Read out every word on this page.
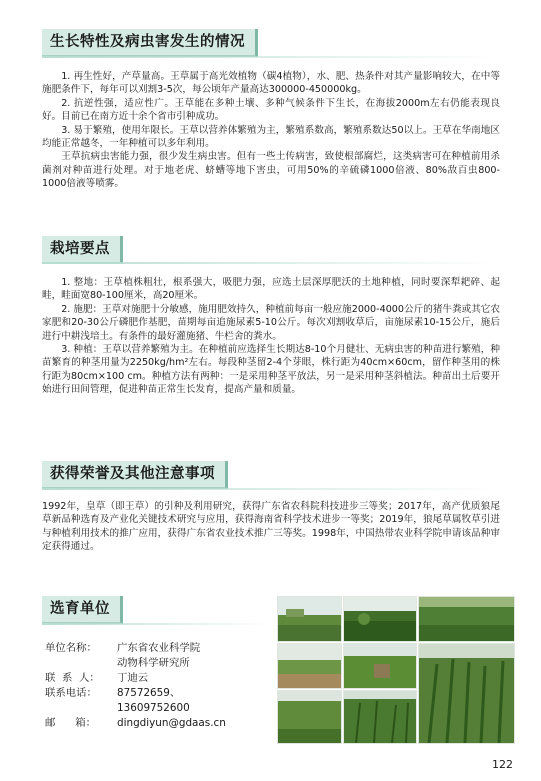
生长特性及病虫害发生的情况

1. 再生性好，产草量高。王草属于高光效植物（碳4植物），水、肥、热条件对其产量影响较大，在中等施肥条件下，每年可以刈割3-5次，每公顷年产量高达300000-450000kg。

2. 抗逆性强，适应性广。王草能在多种土壤、多种气候条件下生长，在海拔2000m左右仍能表现良好。目前已在南方近十余个省市引种成功。

3. 易于繁殖，使用年限长。王草以营养体繁殖为主，繁殖系数高，繁殖系数达50以上。王草在华南地区均能正常越冬，一年种植可以多年利用。

王草抗病虫害能力强，很少发生病虫害。但有一些土传病害，致使根部腐烂，这类病害可在种植前用杀菌剂对种苗进行处理。对于地老虎、蛴螬等地下害虫，可用50%的辛硫磷1000倍液、80%敌百虫800-1000倍液等喷雾。

栽培要点

1. 整地：王草植株粗壮，根系强大，吸肥力强，应选土层深厚肥沃的土地种植，同时要深犁耙碎、起畦，畦面宽80-100厘米，高20厘米。

2. 施肥：王草对施肥十分敏感，施用肥效持久，种植前每亩一般应施2000-4000公斤的猪牛粪或其它农家肥和20-30公斤磷肥作基肥，苗期每亩追施尿素5-10公斤。每次刈割收草后，亩施尿素10-15公斤，施后进行中耕浅培土。有条件的最好灌施猪、牛栏舍的粪水。

3. 种植：王草以营养繁殖为主。在种植前应选择生长期达8-10个月健壮、无病虫害的种苗进行繁殖，种苗繁育的种茎用量为2250kg/hm²左右。每段种茎留2-4个芽眼，株行距为40cm×60cm，留作种茎用的株行距为80cm×100 cm。种植方法有两种：一是采用种茎平放法，另一是采用种茎斜植法。种苗出土后要开始进行田间管理，促进种苗正常生长发育，提高产量和质量。

获得荣誉及其他注意事项

1992年，皇草（即王草）的引种及利用研究，获得广东省农科院科技进步三等奖；2017年，高产优质狼尾草新品种选育及产业化关键技术研究与应用，获得海南省科学技术进步一等奖；2019年，狼尾草属牧草引进与种植利用技术的推广应用，获得广东省农业技术推广三等奖。1998年，中国热带农业科学院申请该品种审定获得通过。

选育单位
单位名称：	广东省农业科学院
动物科学研究所
联  系  人：	丁迪云
联系电话：	87572659、
13609752600
邮      箱：	dingdiyun@gdaas.cn
122
